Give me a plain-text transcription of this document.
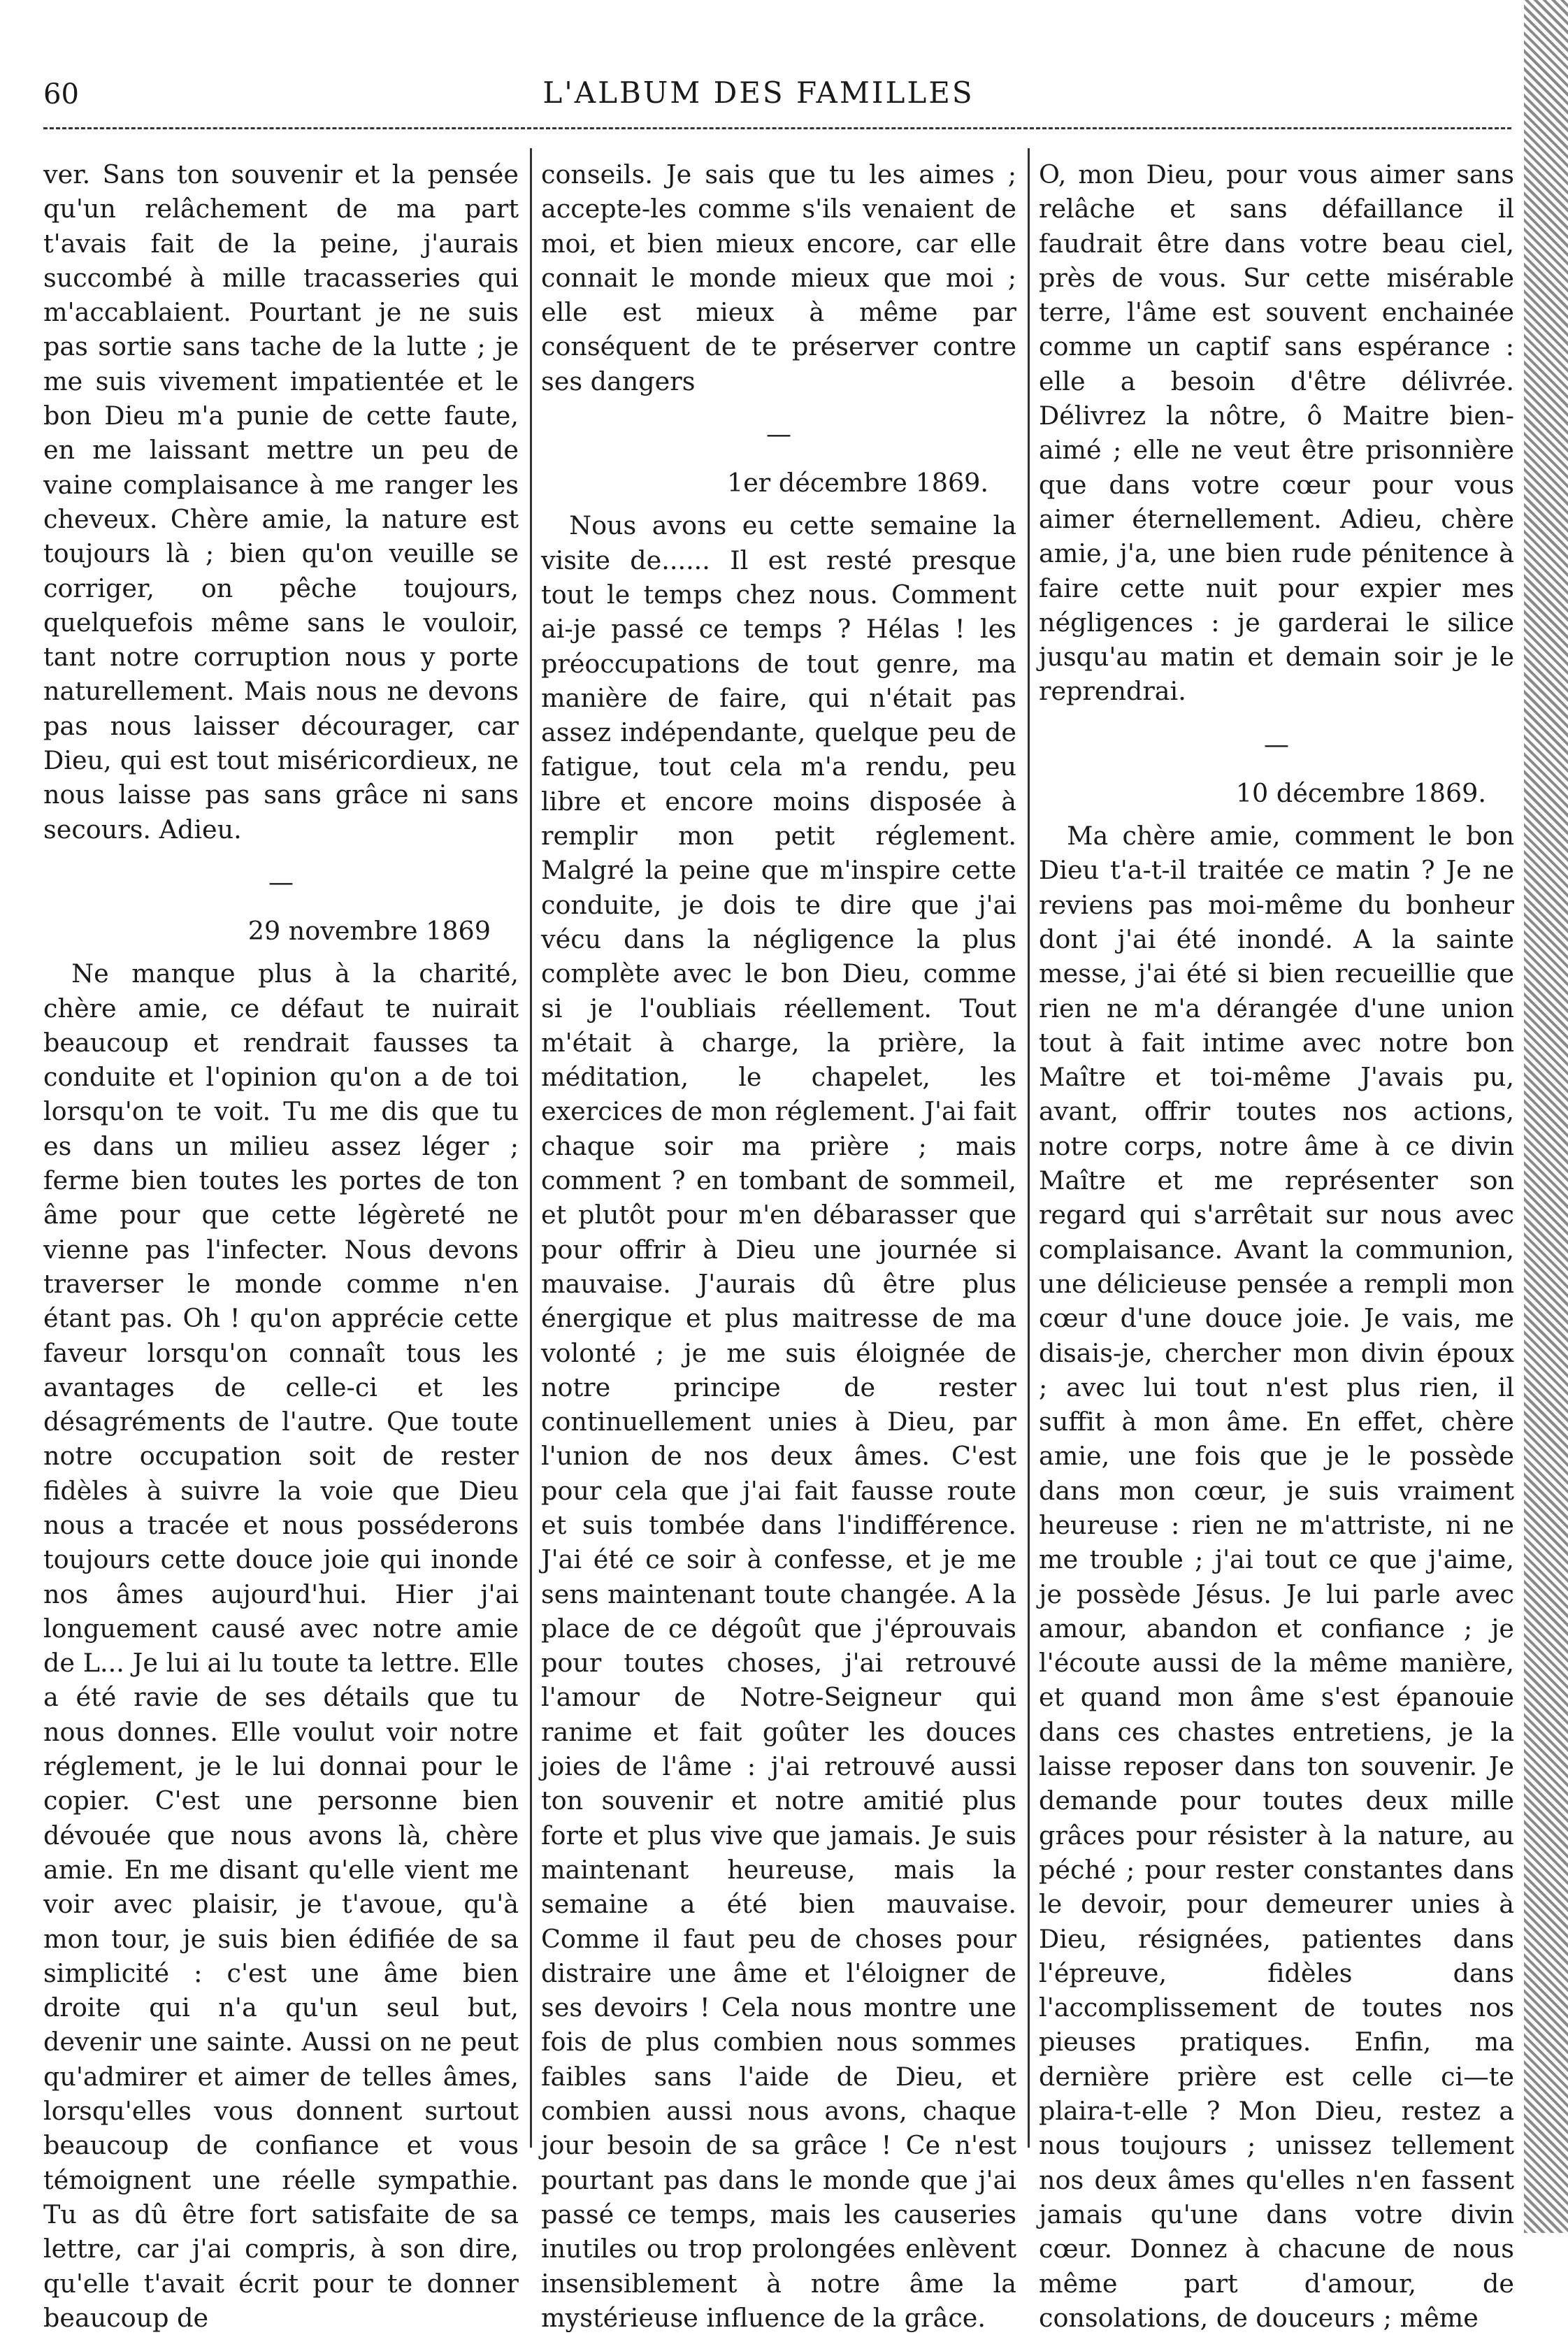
60	L'ALBUM DES FAMILLES

ver. Sans ton souvenir et la pensée qu'un relâchement de ma part t'avais fait de la peine, j'aurais succombé à mille tracasseries qui m'accablaient. Pourtant je ne suis pas sortie sans tache de la lutte ; je me suis vivement impatientée et le bon Dieu m'a punie de cette faute, en me laissant mettre un peu de vaine complaisance à me ranger les cheveux. Chère amie, la nature est toujours là ; bien qu'on veuille se corriger, on pêche toujours, quelquefois même sans le vouloir, tant notre corruption nous y porte naturellement. Mais nous ne devons pas nous laisser décourager, car Dieu, qui est tout miséricordieux, ne nous laisse pas sans grâce ni sans secours. Adieu.

—
29 novembre 1869

Ne manque plus à la charité, chère amie, ce défaut te nuirait beaucoup et rendrait fausses ta conduite et l'opinion qu'on a de toi lorsqu'on te voit. Tu me dis que tu es dans un milieu assez léger ; ferme bien toutes les portes de ton âme pour que cette légèreté ne vienne pas l'infecter. Nous devons traverser le monde comme n'en étant pas. Oh ! qu'on apprécie cette faveur lorsqu'on connaît tous les avantages de celle-ci et les désagréments de l'autre. Que toute notre occupation soit de rester fidèles à suivre la voie que Dieu nous a tracée et nous posséderons toujours cette douce joie qui inonde nos âmes aujourd'hui. Hier j'ai longuement causé avec notre amie de L... Je lui ai lu toute ta lettre. Elle a été ravie de ses détails que tu nous donnes. Elle voulut voir notre réglement, je le lui donnai pour le copier. C'est une personne bien dévouée que nous avons là, chère amie. En me disant qu'elle vient me voir avec plaisir, je t'avoue, qu'à mon tour, je suis bien édifiée de sa simplicité : c'est une âme bien droite qui n'a qu'un seul but, devenir une sainte. Aussi on ne peut qu'admirer et aimer de telles âmes, lorsqu'elles vous donnent surtout beaucoup de confiance et vous témoignent une réelle sympathie. Tu as dû être fort satisfaite de sa lettre, car j'ai compris, à son dire, qu'elle t'avait écrit pour te donner beaucoup de

conseils. Je sais que tu les aimes ; accepte-les comme s'ils venaient de moi, et bien mieux encore, car elle connait le monde mieux que moi ; elle est mieux à même par conséquent de te préserver contre ses dangers

—
1er décembre 1869.

Nous avons eu cette semaine la visite de...... Il est resté presque tout le temps chez nous. Comment ai-je passé ce temps ? Hélas ! les préoccupations de tout genre, ma manière de faire, qui n'était pas assez indépendante, quelque peu de fatigue, tout cela m'a rendu, peu libre et encore moins disposée à remplir mon petit réglement. Malgré la peine que m'inspire cette conduite, je dois te dire que j'ai vécu dans la négligence la plus complète avec le bon Dieu, comme si je l'oubliais réellement. Tout m'était à charge, la prière, la méditation, le chapelet, les exercices de mon réglement. J'ai fait chaque soir ma prière ; mais comment ? en tombant de sommeil, et plutôt pour m'en débarasser que pour offrir à Dieu une journée si mauvaise. J'aurais dû être plus énergique et plus maitresse de ma volonté ; je me suis éloignée de notre principe de rester continuellement unies à Dieu, par l'union de nos deux âmes. C'est pour cela que j'ai fait fausse route et suis tombée dans l'indifférence. J'ai été ce soir à confesse, et je me sens maintenant toute changée. A la place de ce dégoût que j'éprouvais pour toutes choses, j'ai retrouvé l'amour de Notre-Seigneur qui ranime et fait goûter les douces joies de l'âme : j'ai retrouvé aussi ton souvenir et notre amitié plus forte et plus vive que jamais. Je suis maintenant heureuse, mais la semaine a été bien mauvaise. Comme il faut peu de choses pour distraire une âme et l'éloigner de ses devoirs ! Cela nous montre une fois de plus combien nous sommes faibles sans l'aide de Dieu, et combien aussi nous avons, chaque jour besoin de sa grâce ! Ce n'est pourtant pas dans le monde que j'ai passé ce temps, mais les causeries inutiles ou trop prolongées enlèvent insensiblement à notre âme la mystérieuse influence de la grâce.

O, mon Dieu, pour vous aimer sans relâche et sans défaillance il faudrait être dans votre beau ciel, près de vous. Sur cette misérable terre, l'âme est souvent enchainée comme un captif sans espérance : elle a besoin d'être délivrée. Délivrez la nôtre, ô Maitre bien-aimé ; elle ne veut être prisonnière que dans votre cœur pour vous aimer éternellement. Adieu, chère amie, j'a, une bien rude pénitence à faire cette nuit pour expier mes négligences : je garderai le silice jusqu'au matin et demain soir je le reprendrai.

—
10 décembre 1869.

Ma chère amie, comment le bon Dieu t'a-t-il traitée ce matin ? Je ne reviens pas moi-même du bonheur dont j'ai été inondé. A la sainte messe, j'ai été si bien recueillie que rien ne m'a dérangée d'une union tout à fait intime avec notre bon Maître et toi-même J'avais pu, avant, offrir toutes nos actions, notre corps, notre âme à ce divin Maître et me représenter son regard qui s'arrêtait sur nous avec complaisance. Avant la communion, une délicieuse pensée a rempli mon cœur d'une douce joie. Je vais, me disais-je, chercher mon divin époux ; avec lui tout n'est plus rien, il suffit à mon âme. En effet, chère amie, une fois que je le possède dans mon cœur, je suis vraiment heureuse : rien ne m'attriste, ni ne me trouble ; j'ai tout ce que j'aime, je possède Jésus. Je lui parle avec amour, abandon et confiance ; je l'écoute aussi de la même manière, et quand mon âme s'est épanouie dans ces chastes entretiens, je la laisse reposer dans ton souvenir. Je demande pour toutes deux mille grâces pour résister à la nature, au péché ; pour rester constantes dans le devoir, pour demeurer unies à Dieu, résignées, patientes dans l'épreuve, fidèles dans l'accomplissement de toutes nos pieuses pratiques. Enfin, ma dernière prière est celle ci—te plaira-t-elle ? Mon Dieu, restez a nous toujours ; unissez tellement nos deux âmes qu'elles n'en fassent jamais qu'une dans votre divin cœur. Donnez à chacune de nous même part d'amour, de consolations, de douceurs ; même
